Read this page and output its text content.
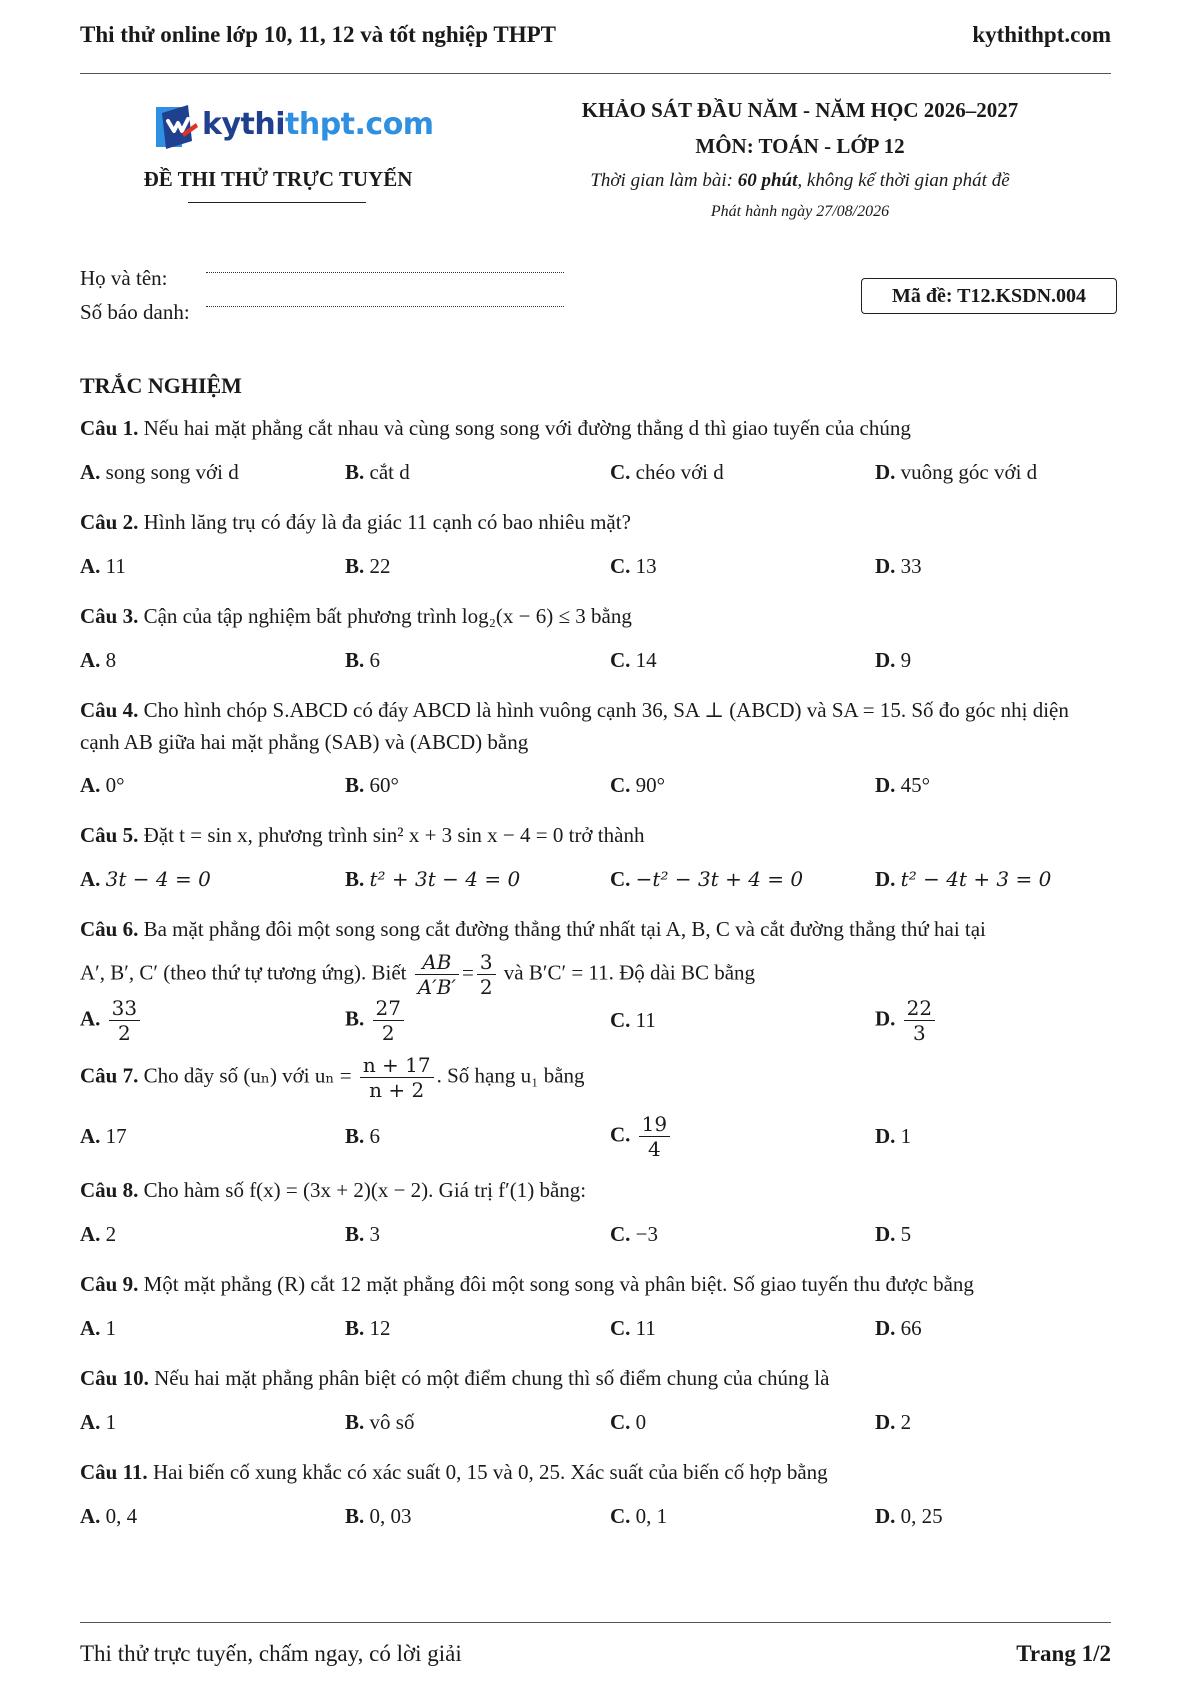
Thi thử online lớp 10, 11, 12 và tốt nghiệp THPT	kythithpt.com
kythithpt.com
ĐỀ THI THỬ TRỰC TUYẾN
KHẢO SÁT ĐẦU NĂM - NĂM HỌC 2026–2027
MÔN: TOÁN - LỚP 12
Thời gian làm bài: 60 phút, không kể thời gian phát đề
Phát hành ngày 27/08/2026
Họ và tên:
Số báo danh:
Mã đề: T12.KSDN.004
TRẮC NGHIỆM
Câu 1. Nếu hai mặt phẳng cắt nhau và cùng song song với đường thẳng d thì giao tuyến của chúng
A. song song với d	B. cắt d	C. chéo với d	D. vuông góc với d
Câu 2. Hình lăng trụ có đáy là đa giác 11 cạnh có bao nhiêu mặt?
A. 11	B. 22	C. 13	D. 33
Câu 3. Cận của tập nghiệm bất phương trình log₂(x − 6) ≤ 3 bằng
A. 8	B. 6	C. 14	D. 9
Câu 4. Cho hình chóp S.ABCD có đáy ABCD là hình vuông cạnh 36, SA ⊥ (ABCD) và SA = 15. Số đo góc nhị diện cạnh AB giữa hai mặt phẳng (SAB) và (ABCD) bằng
A. 0°	B. 60°	C. 90°	D. 45°
Câu 5. Đặt t = sin x, phương trình sin² x + 3 sin x − 4 = 0 trở thành
A. 3t − 4 = 0	B. t² + 3t − 4 = 0	C. −t² − 3t + 4 = 0	D. t² − 4t + 3 = 0
Câu 6. Ba mặt phẳng đôi một song song cắt đường thẳng thứ nhất tại A, B, C và cắt đường thẳng thứ hai tại
A′, B′, C′ (theo thứ tự tương ứng). Biết $\frac{AB}{A'B'} = \frac{3}{2}$ và B′C′ = 11. Độ dài BC bằng
A. $\frac{33}{2}$	B. $\frac{27}{2}$	C. 11	D. $\frac{22}{3}$
Câu 7. Cho dãy số (uₙ) với $u_n = \frac{n + 17}{n + 2}$ . Số hạng u₁ bằng
A. 17	B. 6	C. $\frac{19}{4}$	D. 1
Câu 8. Cho hàm số f(x) = (3x + 2)(x − 2). Giá trị f′(1) bằng:
A. 2	B. 3	C. −3	D. 5
Câu 9. Một mặt phẳng (R) cắt 12 mặt phẳng đôi một song song và phân biệt. Số giao tuyến thu được bằng
A. 1	B. 12	C. 11	D. 66
Câu 10. Nếu hai mặt phẳng phân biệt có một điểm chung thì số điểm chung của chúng là
A. 1	B. vô số	C. 0	D. 2
Câu 11. Hai biến cố xung khắc có xác suất 0, 15 và 0, 25. Xác suất của biến cố hợp bằng
A. 0, 4	B. 0, 03	C. 0, 1	D. 0, 25
Thi thử trực tuyến, chấm ngay, có lời giải	Trang 1/2
